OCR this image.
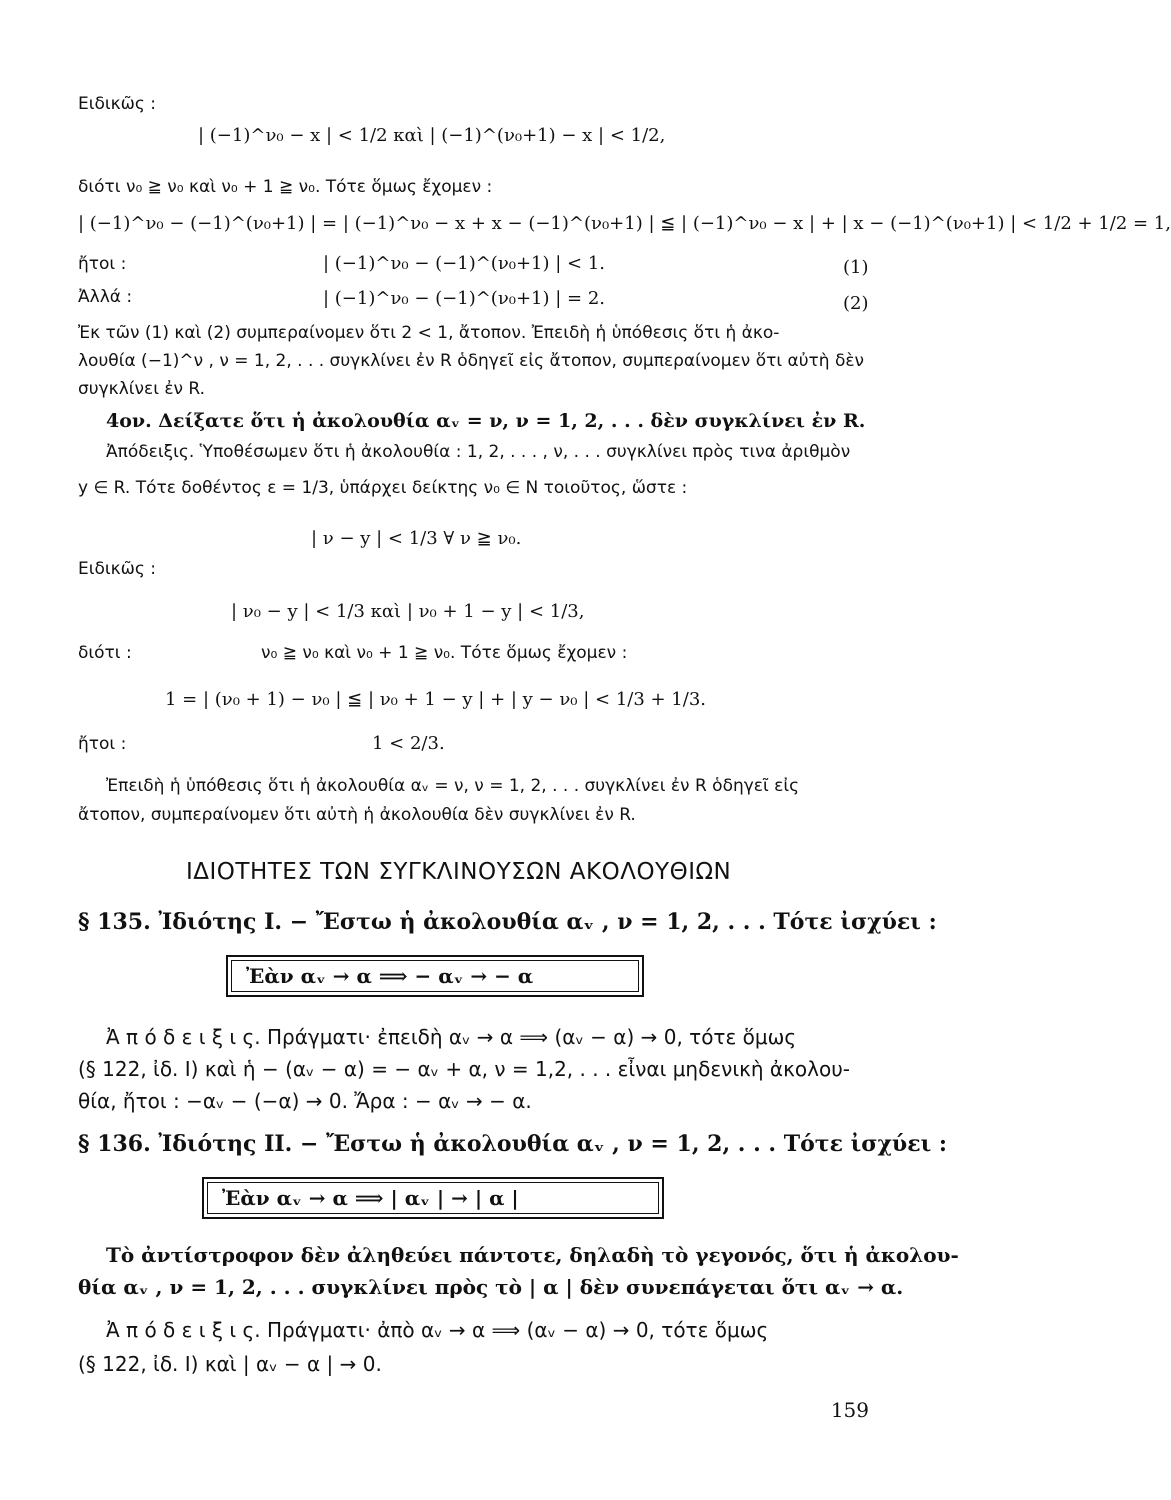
Ειδικῶς :
| (−1)^ν₀ − x | < 1/2 καὶ | (−1)^(ν₀+1) − x | < 1/2,
διότι ν₀ ≧ ν₀ καὶ ν₀ + 1 ≧ ν₀. Τότε ὅμως ἔχομεν :
| (−1)^ν₀ − (−1)^(ν₀+1) | = | (−1)^ν₀ − x + x − (−1)^(ν₀+1) | ≦ | (−1)^ν₀ − x | + | x − (−1)^(ν₀+1) | < 1/2 + 1/2 = 1,
ἤτοι :	| (−1)^ν₀ − (−1)^(ν₀+1) | < 1.	(1)
Ἀλλά :	| (−1)^ν₀ − (−1)^(ν₀+1) | = 2.	(2)
Ἐκ τῶν (1) καὶ (2) συμπεραίνομεν ὅτι 2 < 1, ἄτοπον. Ἐπειδὴ ἡ ὑπόθεσις ὅτι ἡ ἀκο-
λουθία (−1)^ν , ν = 1, 2, . . . συγκλίνει ἐν R ὁδηγεῖ εἰς ἄτοπον, συμπεραίνομεν ὅτι αὐτὴ δὲν
συγκλίνει ἐν R.
4ον. Δείξατε ὅτι ἡ ἀκολουθία αᵥ = ν, ν = 1, 2, . . . δὲν συγκλίνει ἐν R.
Ἀπόδειξις. Ὑποθέσωμεν ὅτι ἡ ἀκολουθία : 1, 2, . . . , ν, . . . συγκλίνει πρὸς τινα ἀριθμὸν
y ∈ R. Τότε δοθέντος ε = 1/3, ὑπάρχει δείκτης ν₀ ∈ N τοιοῦτος, ὥστε :
| ν − y | < 1/3 ∀ ν ≧ ν₀.
Ειδικῶς :
| ν₀ − y | < 1/3 καὶ | ν₀ + 1 − y | < 1/3,
διότι :	ν₀ ≧ ν₀ καὶ ν₀ + 1 ≧ ν₀. Τότε ὅμως ἔχομεν :
1 = | (ν₀ + 1) − ν₀ | ≦ | ν₀ + 1 − y | + | y − ν₀ | < 1/3 + 1/3.
ἤτοι :	1 < 2/3.
Ἐπειδὴ ἡ ὑπόθεσις ὅτι ἡ ἀκολουθία αᵥ = ν, ν = 1, 2, . . . συγκλίνει ἐν R ὁδηγεῖ εἰς
ἄτοπον, συμπεραίνομεν ὅτι αὐτὴ ἡ ἀκολουθία δὲν συγκλίνει ἐν R.
ΙΔΙΟΤΗΤΕΣ ΤΩΝ ΣΥΓΚΛΙΝΟΥΣΩΝ ΑΚΟΛΟΥΘΙΩΝ
§ 135. Ἰδιότης I. − Ἔστω ἡ ἀκολουθία αᵥ , ν = 1, 2, . . . Τότε ἰσχύει :
Ἐὰν αᵥ → α ⟹ − αᵥ → − α
Ἀ π ό δ ε ι ξ ι ς. Πράγματι· ἐπειδὴ αᵥ → α ⟹ (αᵥ − α) → 0, τότε ὅμως
(§ 122, ἰδ. I) καὶ ἡ − (αᵥ − α) = − αᵥ + α, ν = 1,2, . . . εἶναι μηδενικὴ ἀκολου-
θία, ἤτοι : −αᵥ − (−α) → 0. Ἄρα : − αᵥ → − α.
§ 136. Ἰδιότης II. − Ἔστω ἡ ἀκολουθία αᵥ , ν = 1, 2, . . . Τότε ἰσχύει :
Ἐὰν αᵥ → α ⟹ | αᵥ | → | α |
Τὸ ἀντίστροφον δὲν ἀληθεύει πάντοτε, δηλαδὴ τὸ γεγονός, ὅτι ἡ ἀκολου-
θία αᵥ , ν = 1, 2, . . . συγκλίνει πρὸς τὸ | α | δὲν συνεπάγεται ὅτι αᵥ → α.
Ἀ π ό δ ε ι ξ ι ς. Πράγματι· ἀπὸ αᵥ → α ⟹ (αᵥ − α) → 0, τότε ὅμως
(§ 122, ἰδ. I) καὶ | αᵥ − α | → 0.
159
